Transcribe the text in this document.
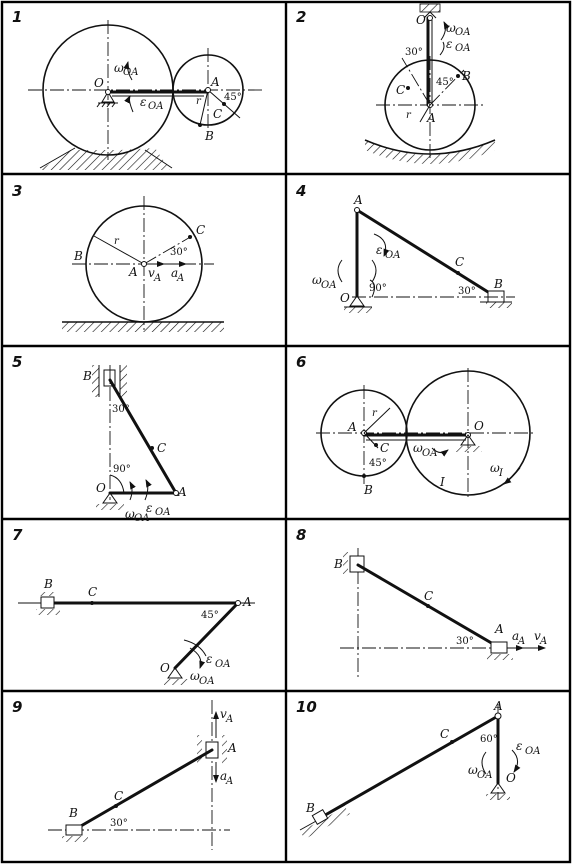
1
O	A
B
C
r
ω OA
ε OA
45°
2	O
A
B
C
r
ω OA
ε OA
30°
45°
3
B
A
C
r
v A a
A
30°
4	A
O
B
C
ω OA
ε OA
90°	30°
5
B
O	A
C
ω OA
ε OA
30°
90°
6
A	O
B
C
r
I
ω OA
ω I
45°
7
B
C
A
O
ω OA
ε OA
45°
8
B
C
A a
A v A
30°
9
A
B
C
v A
a
A
30°
10	A
B
C
O
ω OA
ε OA
60°
